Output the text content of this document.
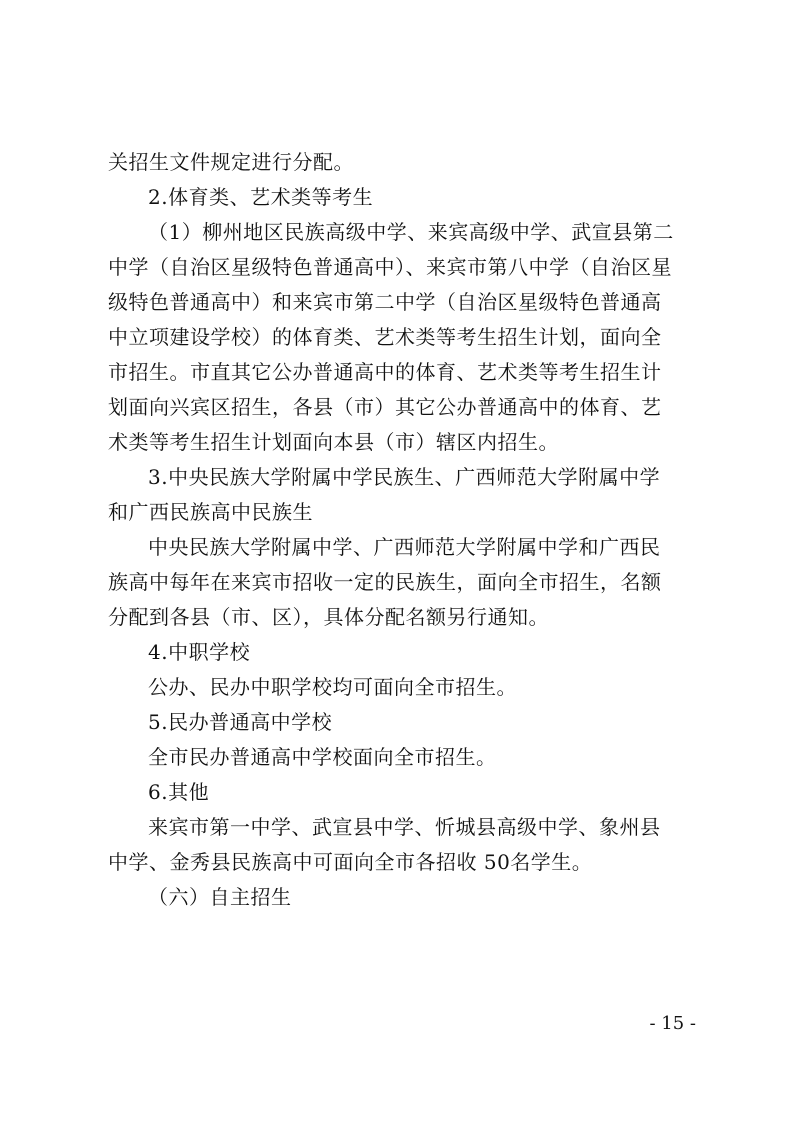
关招生文件规定进行分配。
2.体育类、艺术类等考生
（1）柳州地区民族高级中学、来宾高级中学、武宣县第二
中学（自治区星级特色普通高中）、来宾市第八中学（自治区星
级特色普通高中）和来宾市第二中学（自治区星级特色普通高
中立项建设学校）的体育类、艺术类等考生招生计划，面向全
市招生。市直其它公办普通高中的体育、艺术类等考生招生计
划面向兴宾区招生，各县（市）其它公办普通高中的体育、艺
术类等考生招生计划面向本县（市）辖区内招生。
3.中央民族大学附属中学民族生、广西师范大学附属中学
和广西民族高中民族生
中央民族大学附属中学、广西师范大学附属中学和广西民
族高中每年在来宾市招收一定的民族生，面向全市招生，名额
分配到各县（市、区），具体分配名额另行通知。
4.中职学校
公办、民办中职学校均可面向全市招生。
5.民办普通高中学校
全市民办普通高中学校面向全市招生。
6.其他
来宾市第一中学、武宣县中学、忻城县高级中学、象州县
中学、金秀县民族高中可面向全市各招收 50名学生。
（六）自主招生
- 15 -
